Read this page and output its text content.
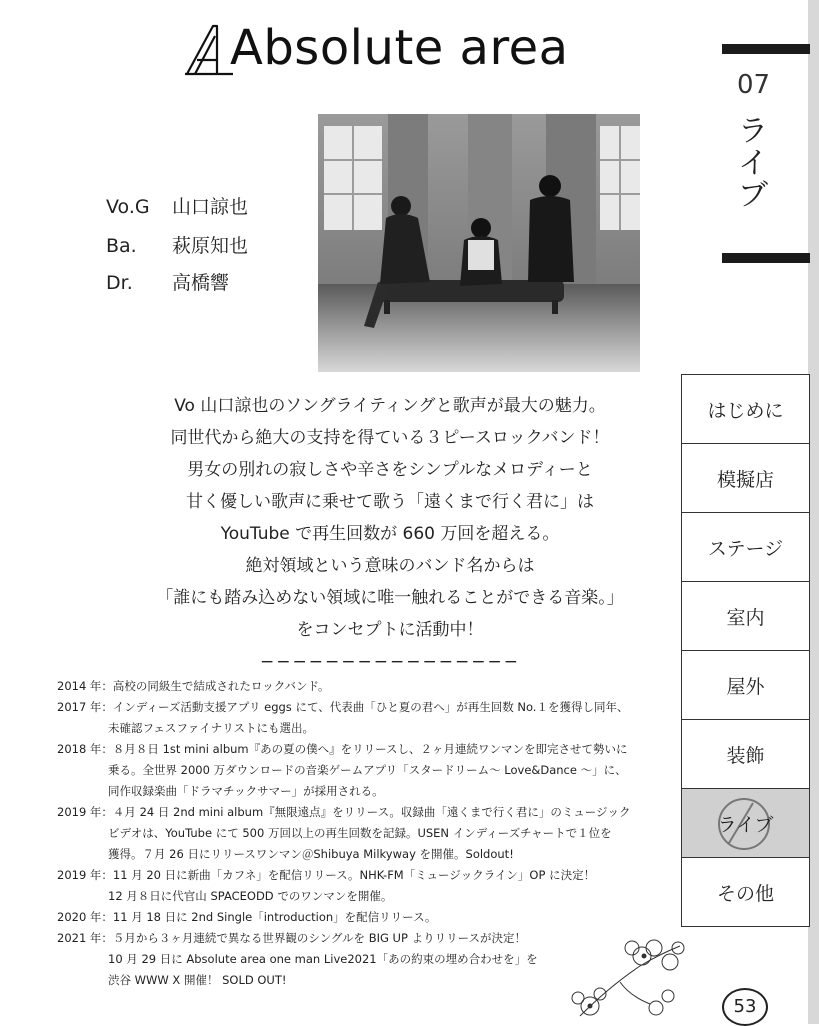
Absolute area
07
ラ
イ
ブ
Vo.G 山口諒也
Ba. 萩原知也
Dr. 高橋響
Vo 山口諒也のソングライティングと歌声が最大の魅力。
同世代から絶大の支持を得ている３ピースロックバンド！
男女の別れの寂しさや辛さをシンプルなメロディーと
甘く優しい歌声に乗せて歌う「遠くまで行く君に」は
YouTube で再生回数が 660 万回を超える。
絶対領域という意味のバンド名からは
「誰にも踏み込めない領域に唯一触れることができる音楽。」
をコンセプトに活動中！
−−−−−−−−−−−−−−−−
2014 年：高校の同級生で結成されたロックバンド。
2017 年：インディーズ活動支援アプリ eggs にて、代表曲「ひと夏の君へ」が再生回数 No.１を獲得し同年、
未確認フェスファイナリストにも選出。
2018 年：８月８日 1st mini album『あの夏の僕へ』をリリースし、２ヶ月連続ワンマンを即完させて勢いに
乗る。全世界 2000 万ダウンロードの音楽ゲームアプリ「スタードリーム〜 Love&Dance 〜」に、
同作収録楽曲「ドラマチックサマー」が採用される。
2019 年：４月 24 日 2nd mini album『無限遠点』をリリース。収録曲「遠くまで行く君に」のミュージック
ビデオは、YouTube にて 500 万回以上の再生回数を記録。USEN インディーズチャートで１位を
獲得。７月 26 日にリリースワンマン＠Shibuya Milkyway を開催。Soldout!
2019 年：11 月 20 日に新曲「カフネ」を配信リリース。NHK-FM「ミュージックライン」OP に決定！
12 月８日に代官山 SPACEODD でのワンマンを開催。
2020 年：11 月 18 日に 2nd Single「introduction」を配信リリース。
2021 年：５月から３ヶ月連続で異なる世界観のシングルを BIG UP よりリリースが決定！
10 月 29 日に Absolute area one man Live2021「あの約束の埋め合わせを」を
渋谷 WWW X 開催！ SOLD OUT!
はじめに
模擬店
ステージ
室内
屋外
装飾
ライブ
その他
53
